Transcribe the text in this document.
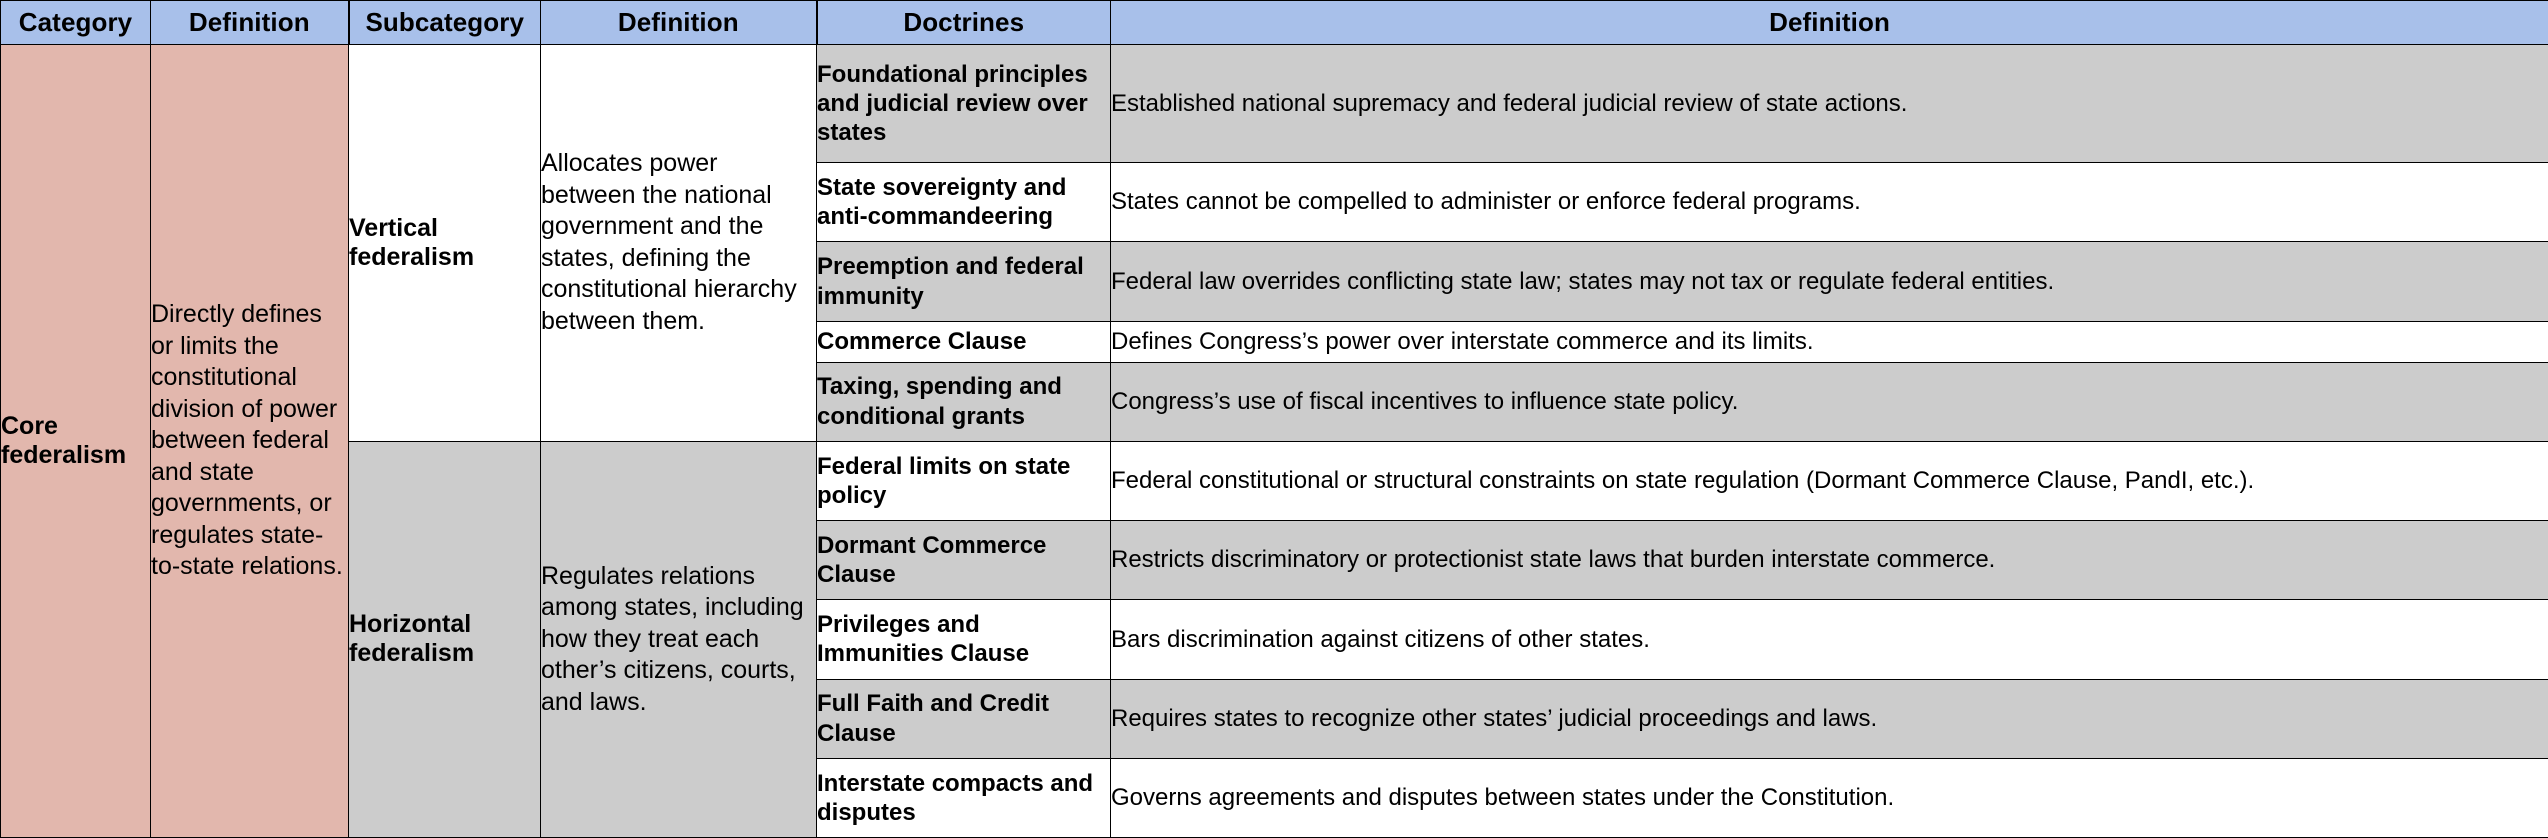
Category	Definition	Subcategory	Definition	Doctrines	Definition
Core federalism	Directly defines or limits the constitutional division of power between federal and state governments, or regulates state-to-state relations.	Vertical federalism	Allocates power between the national government and the states, defining the constitutional hierarchy between them.	Foundational principles and judicial review over states	Established national supremacy and federal judicial review of state actions.
				State sovereignty and anti-commandeering	States cannot be compelled to administer or enforce federal programs.
				Preemption and federal immunity	Federal law overrides conflicting state law; states may not tax or regulate federal entities.
				Commerce Clause	Defines Congress’s power over interstate commerce and its limits.
				Taxing, spending and conditional grants	Congress’s use of fiscal incentives to influence state policy.
		Horizontal federalism	Regulates relations among states, including how they treat each other’s citizens, courts, and laws.	Federal limits on state policy	Federal constitutional or structural constraints on state regulation (Dormant Commerce Clause, PandI, etc.).
				Dormant Commerce Clause	Restricts discriminatory or protectionist state laws that burden interstate commerce.
				Privileges and Immunities Clause	Bars discrimination against citizens of other states.
				Full Faith and Credit Clause	Requires states to recognize other states’ judicial proceedings and laws.
				Interstate compacts and disputes	Governs agreements and disputes between states under the Constitution.
